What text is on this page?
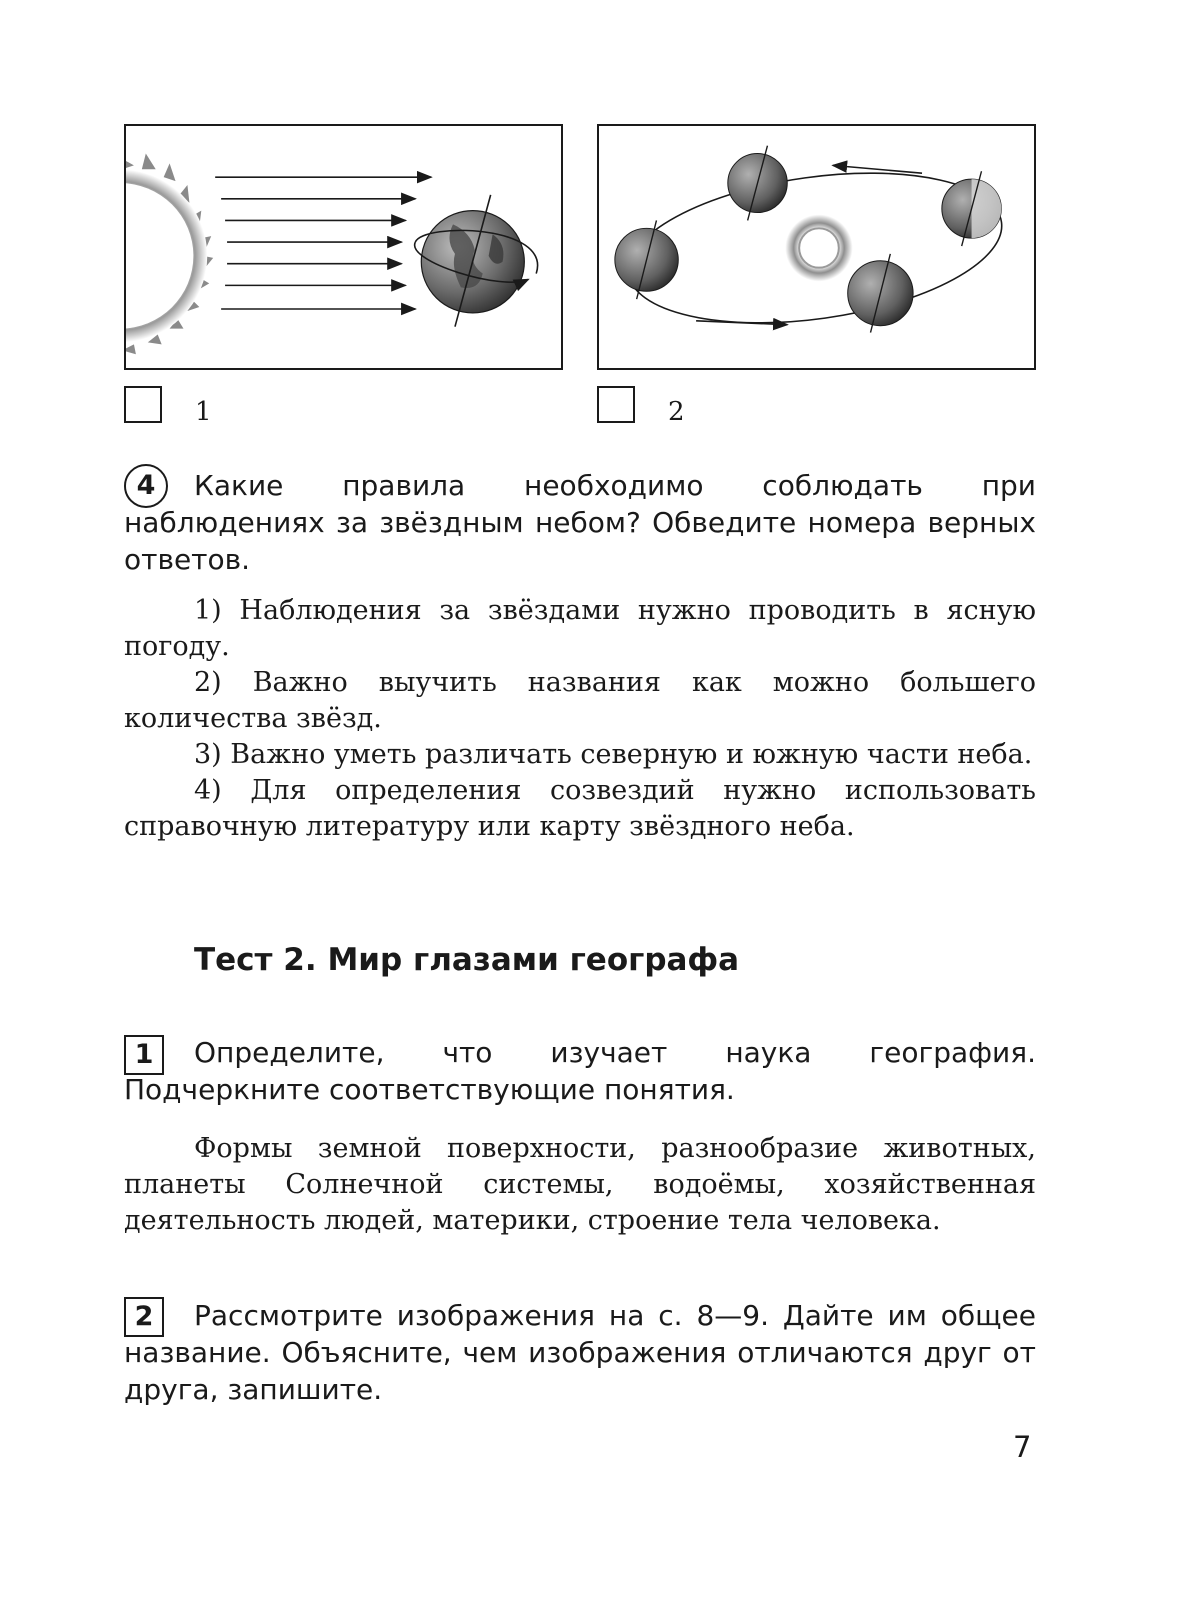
1	2
4	Какие правила необходимо соблюдать при наблюдениях за звёздным небом? Обведите номера верных ответов.

1) Наблюдения за звёздами нужно проводить в ясную погоду.

2) Важно выучить названия как можно большего количества звёзд.

3) Важно уметь различать северную и южную части неба.

4) Для определения созвездий нужно использовать справочную литературу или карту звёздного неба.

Тест 2. Мир глазами географа
1	Определите, что изучает наука география. Подчеркните соответствующие понятия.

Формы земной поверхности, разнообразие животных, планеты Солнечной системы, водоёмы, хозяйственная деятельность людей, материки, строение тела человека.

2	Рассмотрите изображения на с. 8—9. Дайте им общее название. Объясните, чем изображения отличаются друг от друга, запишите.

7
